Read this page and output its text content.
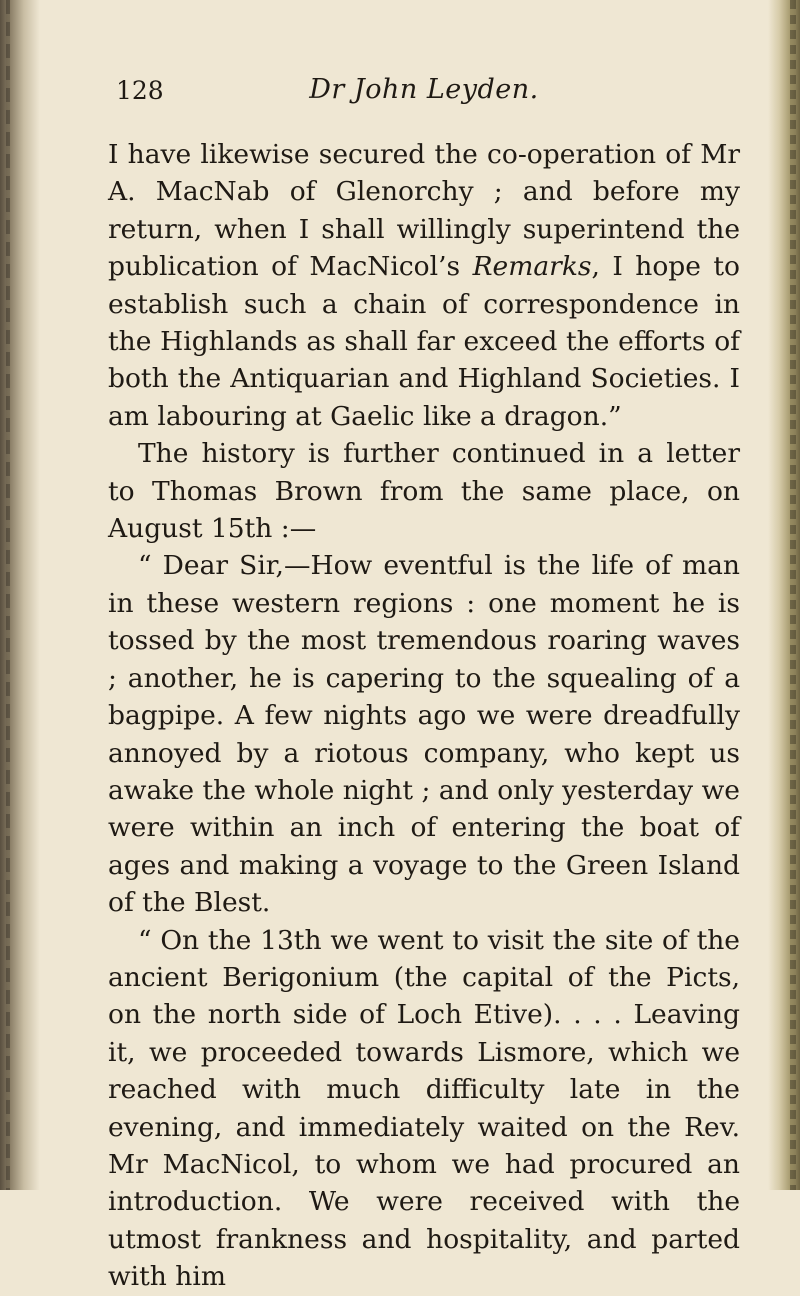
128	Dr John Leyden.

I have likewise secured the co-operation of Mr A. MacNab of Glenorchy ; and before my return, when I shall willingly superintend the publication of MacNicol’s Remarks, I hope to establish such a chain of correspondence in the Highlands as shall far exceed the efforts of both the Antiquarian and Highland Societies. I am labouring at Gaelic like a dragon.”

The history is further continued in a letter to Thomas Brown from the same place, on August 15th :—

“ Dear Sir,—How eventful is the life of man in these western regions : one moment he is tossed by the most tremendous roaring waves ; another, he is capering to the squealing of a bagpipe. A few nights ago we were dreadfully annoyed by a riotous company, who kept us awake the whole night ; and only yesterday we were within an inch of entering the boat of ages and making a voyage to the Green Island of the Blest.

“ On the 13th we went to visit the site of the ancient Berigonium (the capital of the Picts, on the north side of Loch Etive). . . . Leaving it, we proceeded towards Lismore, which we reached with much difficulty late in the evening, and immediately waited on the Rev. Mr MacNicol, to whom we had procured an introduction. We were received with the utmost frankness and hospitality, and parted with him
